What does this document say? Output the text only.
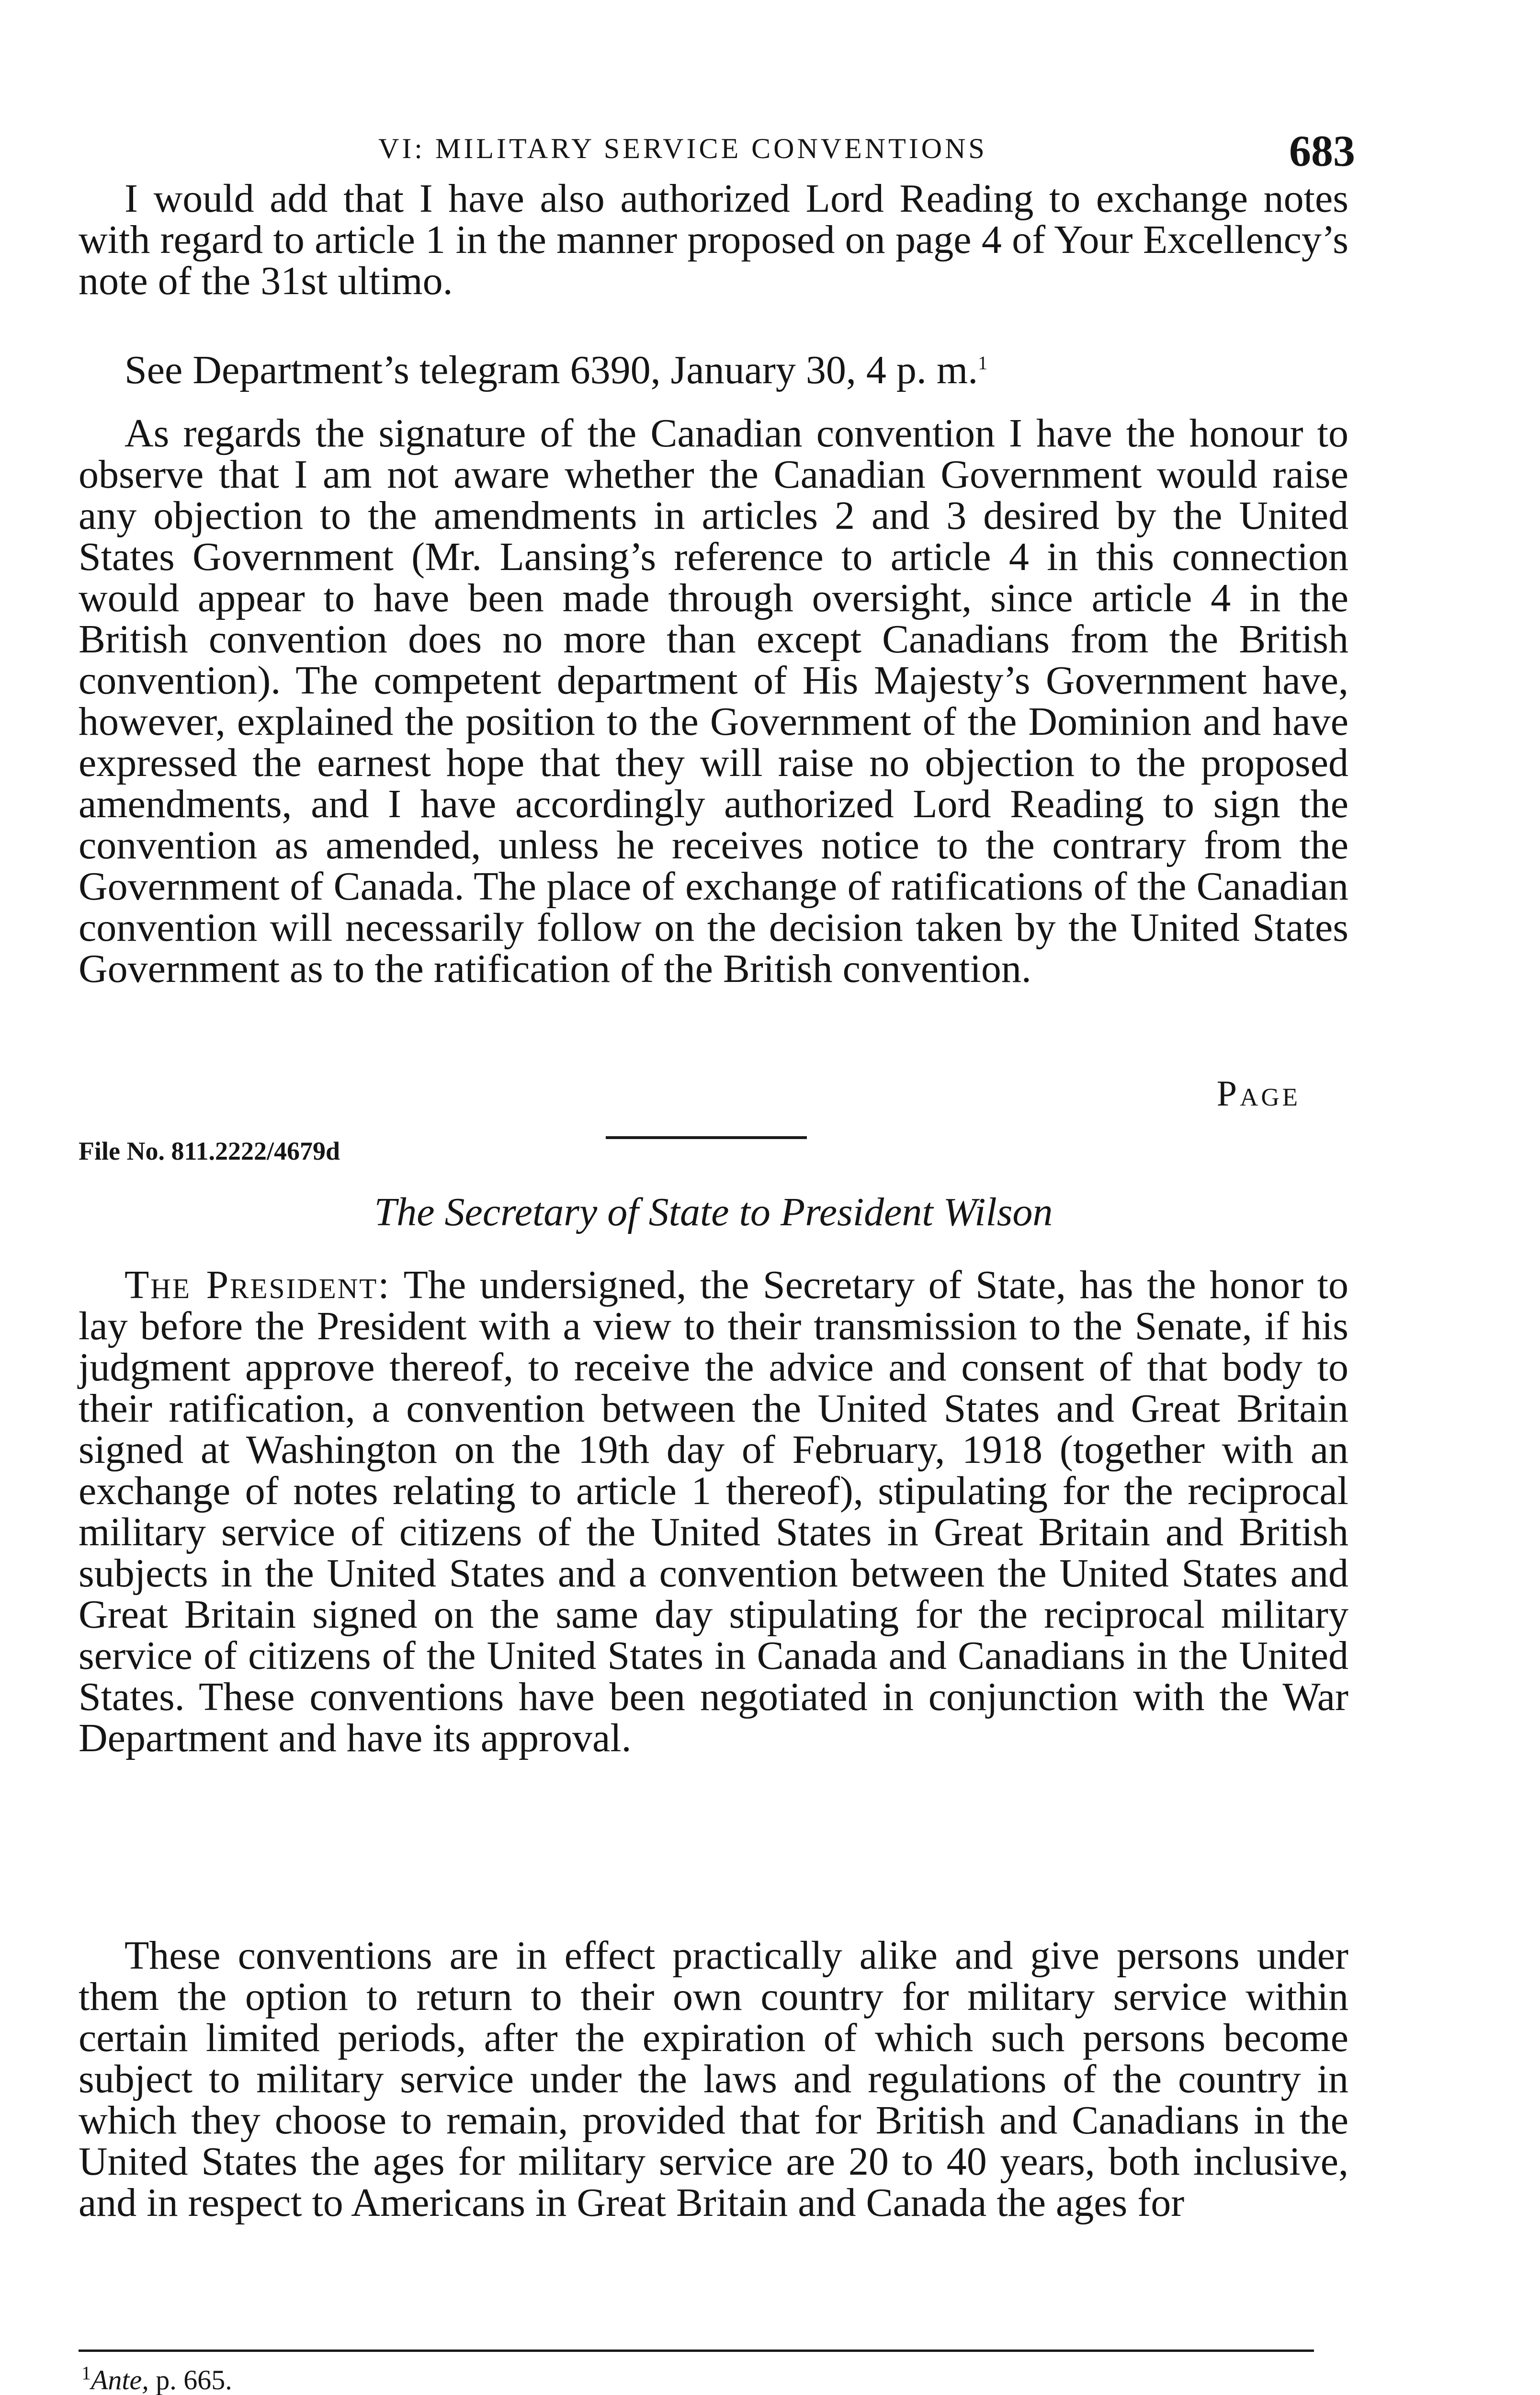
VI: MILITARY SERVICE CONVENTIONS	683

I would add that I have also authorized Lord Reading to exchange notes with regard to article 1 in the manner proposed on page 4 of Your Excellency’s note of the 31st ultimo.

See Department’s telegram 6390, January 30, 4 p. m.$^1$

As regards the signature of the Canadian convention I have the honour to observe that I am not aware whether the Canadian Government would raise any objection to the amendments in articles 2 and 3 desired by the United States Government (Mr. Lansing’s reference to article 4 in this connection would appear to have been made through oversight, since article 4 in the British convention does no more than except Canadians from the British convention). The competent department of His Majesty’s Government have, however, explained the position to the Government of the Dominion and have expressed the earnest hope that they will raise no objection to the proposed amendments, and I have accordingly authorized Lord Reading to sign the convention as amended, unless he receives notice to the contrary from the Government of Canada. The place of exchange of ratifications of the Canadian convention will necessarily follow on the decision taken by the United States Government as to the ratification of the British convention.

Page
File No. 811.2222/4679d
The Secretary of State to President Wilson

The President: The undersigned, the Secretary of State, has the honor to lay before the President with a view to their transmission to the Senate, if his judgment approve thereof, to receive the advice and consent of that body to their ratification, a convention between the United States and Great Britain signed at Washington on the 19th day of February, 1918 (together with an exchange of notes relating to article 1 thereof), stipulating for the reciprocal military service of citizens of the United States in Great Britain and British subjects in the United States and a convention between the United States and Great Britain signed on the same day stipulating for the reciprocal military service of citizens of the United States in Canada and Canadians in the United States. These conventions have been negotiated in conjunction with the War Department and have its approval.

These conventions are in effect practically alike and give persons under them the option to return to their own country for military service within certain limited periods, after the expiration of which such persons become subject to military service under the laws and regulations of the country in which they choose to remain, provided that for British and Canadians in the United States the ages for military service are 20 to 40 years, both inclusive, and in respect to Americans in Great Britain and Canada the ages for

$^1$Ante, p. 665.
